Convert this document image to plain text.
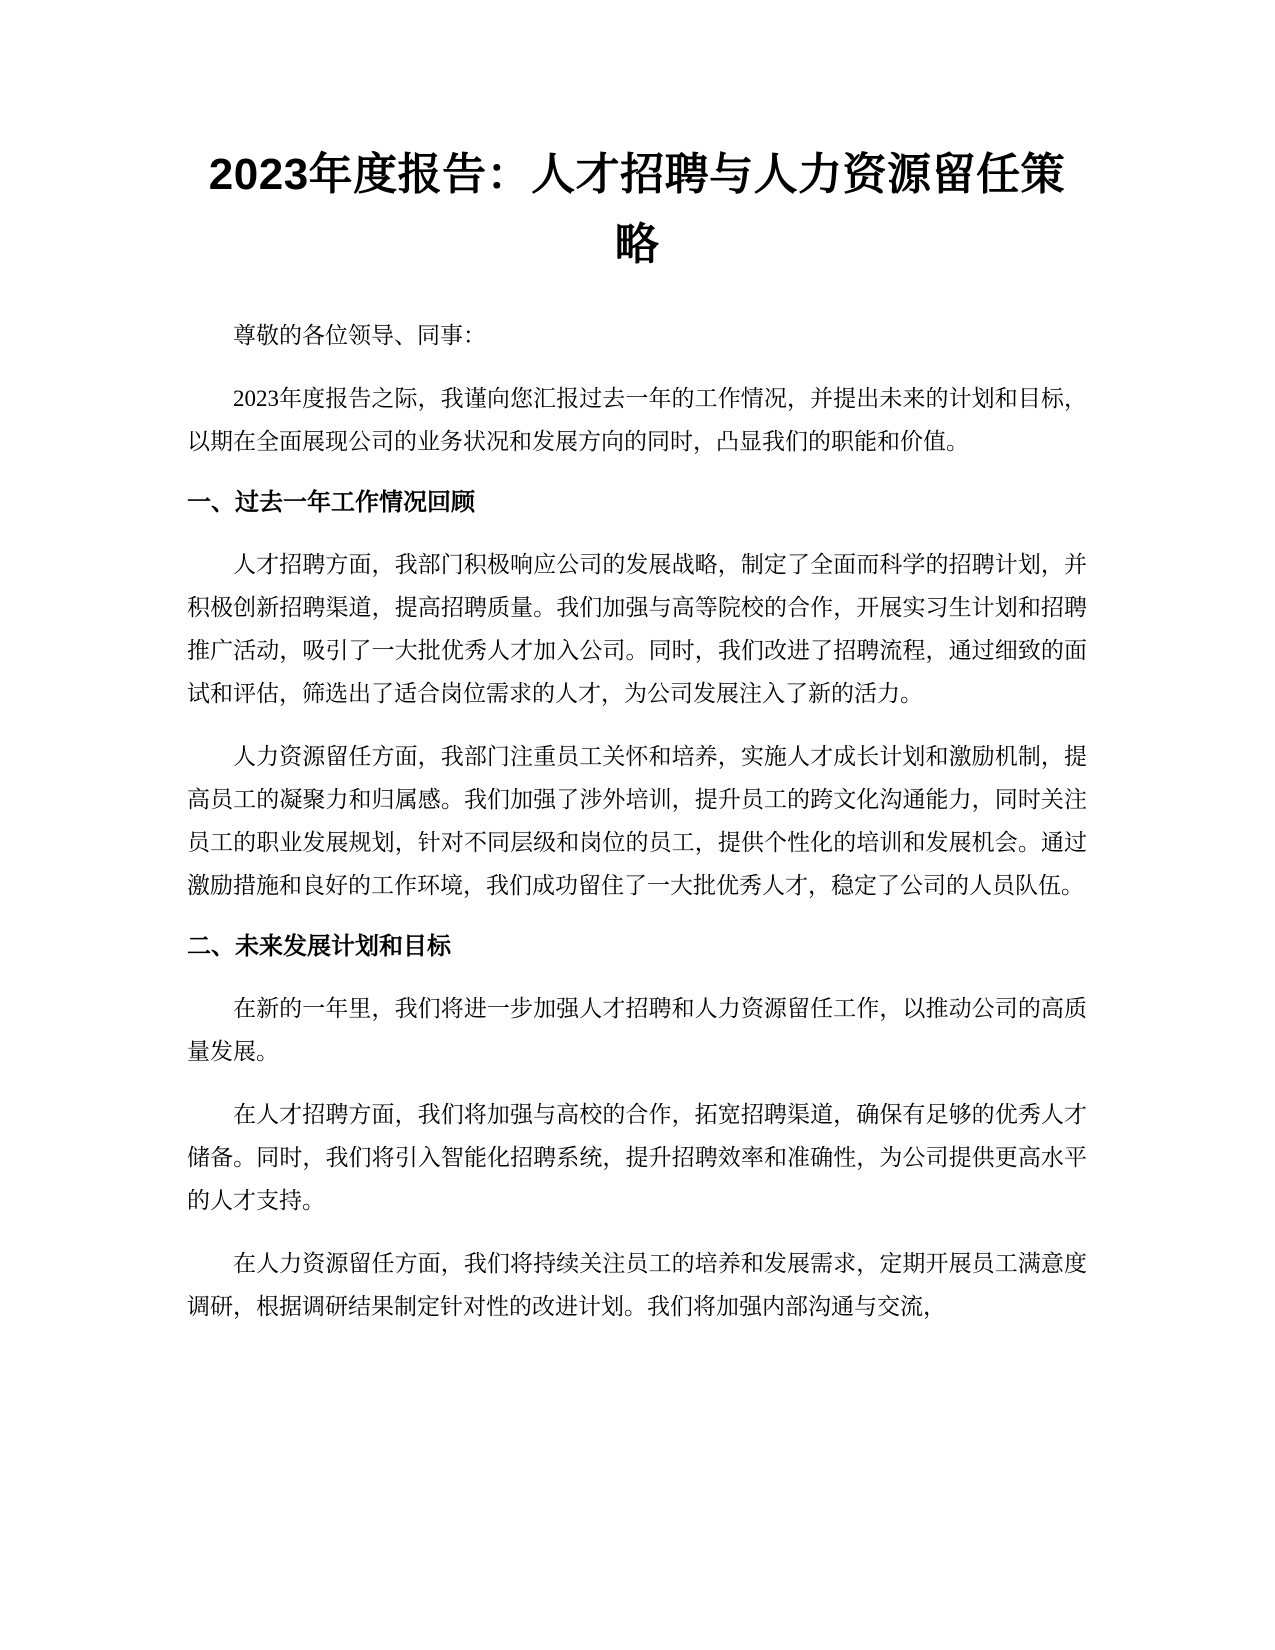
2023年度报告：人才招聘与人力资源留任策略

尊敬的各位领导、同事：

2023年度报告之际，我谨向您汇报过去一年的工作情况，并提出未来的计划和目标，以期在全面展现公司的业务状况和发展方向的同时，凸显我们的职能和价值。

一、过去一年工作情况回顾

人才招聘方面，我部门积极响应公司的发展战略，制定了全面而科学的招聘计划，并积极创新招聘渠道，提高招聘质量。我们加强与高等院校的合作，开展实习生计划和招聘推广活动，吸引了一大批优秀人才加入公司。同时，我们改进了招聘流程，通过细致的面试和评估，筛选出了适合岗位需求的人才，为公司发展注入了新的活力。

人力资源留任方面，我部门注重员工关怀和培养，实施人才成长计划和激励机制，提高员工的凝聚力和归属感。我们加强了涉外培训，提升员工的跨文化沟通能力，同时关注员工的职业发展规划，针对不同层级和岗位的员工，提供个性化的培训和发展机会。通过激励措施和良好的工作环境，我们成功留住了一大批优秀人才，稳定了公司的人员队伍。

二、未来发展计划和目标

在新的一年里，我们将进一步加强人才招聘和人力资源留任工作，以推动公司的高质量发展。

在人才招聘方面，我们将加强与高校的合作，拓宽招聘渠道，确保有足够的优秀人才储备。同时，我们将引入智能化招聘系统，提升招聘效率和准确性，为公司提供更高水平的人才支持。

在人力资源留任方面，我们将持续关注员工的培养和发展需求，定期开展员工满意度调研，根据调研结果制定针对性的改进计划。我们将加强内部沟通与交流，
